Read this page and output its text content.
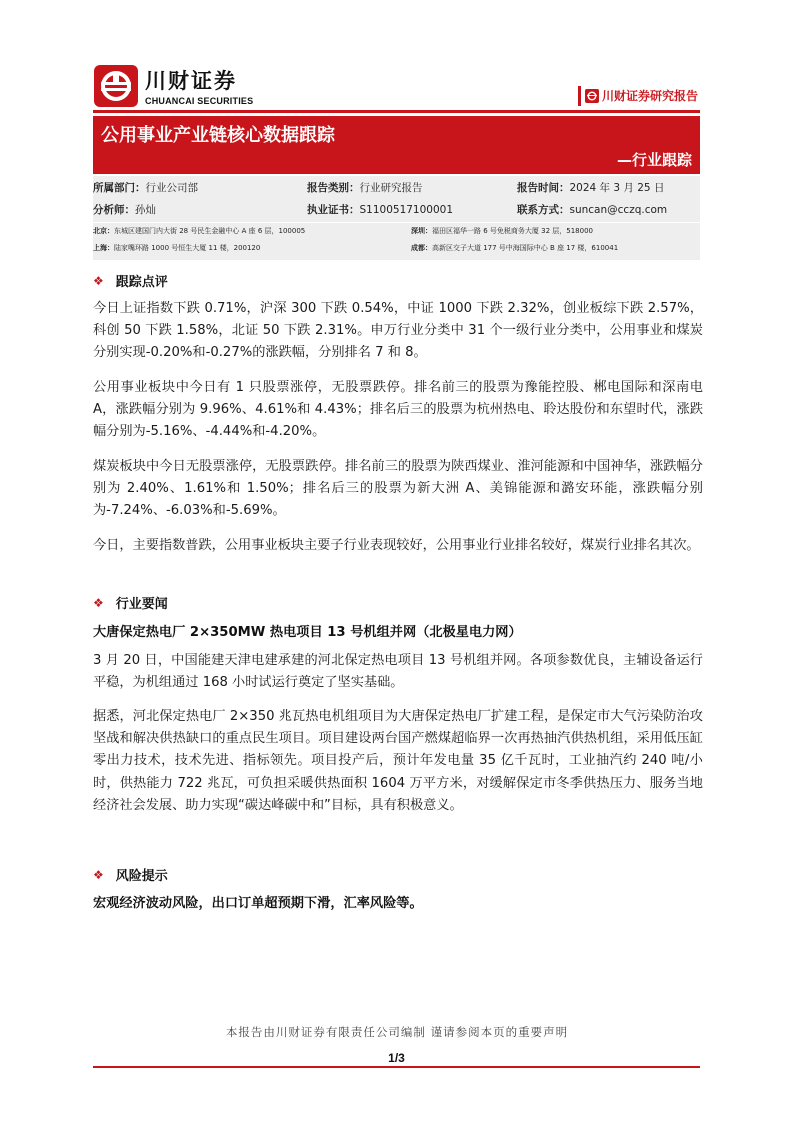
川财证券
CHUANCAI SECURITIES	川财证券研究报告
公用事业产业链核心数据跟踪
—行业跟踪
所属部门：行业公司部	报告类别：行业研究报告	报告时间：2024 年 3 月 25 日
分析师：孙灿	执业证书：S1100517100001	联系方式：suncan@cczq.com
北京：东城区建国门内大街 28 号民生金融中心 A 座 6 层，100005	深圳：福田区福华一路 6 号免税商务大厦 32 层，518000
上海：陆家嘴环路 1000 号恒生大厦 11 楼，200120	成都：高新区交子大道 177 号中海国际中心 B 座 17 楼，610041
❖ 跟踪点评
今日上证指数下跌 0.71%，沪深 300 下跌 0.54%，中证 1000 下跌 2.32%，创业板综下跌 2.57%，科创 50 下跌 1.58%，北证 50 下跌 2.31%。申万行业分类中 31 个一级行业分类中，公用事业和煤炭分别实现-0.20%和-0.27%的涨跌幅，分别排名 7 和 8。
公用事业板块中今日有 1 只股票涨停，无股票跌停。排名前三的股票为豫能控股、郴电国际和深南电 A，涨跌幅分别为 9.96%、4.61%和 4.43%；排名后三的股票为杭州热电、聆达股份和东望时代，涨跌幅分别为-5.16%、-4.44%和-4.20%。
煤炭板块中今日无股票涨停，无股票跌停。排名前三的股票为陕西煤业、淮河能源和中国神华，涨跌幅分别为 2.40%、1.61%和 1.50%；排名后三的股票为新大洲 A、美锦能源和潞安环能，涨跌幅分别为-7.24%、-6.03%和-5.69%。
今日，主要指数普跌，公用事业板块主要子行业表现较好，公用事业行业排名较好，煤炭行业排名其次。
❖ 行业要闻
大唐保定热电厂 2×350MW 热电项目 13 号机组并网（北极星电力网）
3 月 20 日，中国能建天津电建承建的河北保定热电项目 13 号机组并网。各项参数优良，主辅设备运行平稳，为机组通过 168 小时试运行奠定了坚实基础。
据悉，河北保定热电厂 2×350 兆瓦热电机组项目为大唐保定热电厂扩建工程，是保定市大气污染防治攻坚战和解决供热缺口的重点民生项目。项目建设两台国产燃煤超临界一次再热抽汽供热机组，采用低压缸零出力技术，技术先进、指标领先。项目投产后，预计年发电量 35 亿千瓦时，工业抽汽约 240 吨/小时，供热能力 722 兆瓦，可负担采暖供热面积 1604 万平方米，对缓解保定市冬季供热压力、服务当地经济社会发展、助力实现“碳达峰碳中和”目标，具有积极意义。
❖ 风险提示
宏观经济波动风险，出口订单超预期下滑，汇率风险等。
本报告由川财证券有限责任公司编制 谨请参阅本页的重要声明
1/3
